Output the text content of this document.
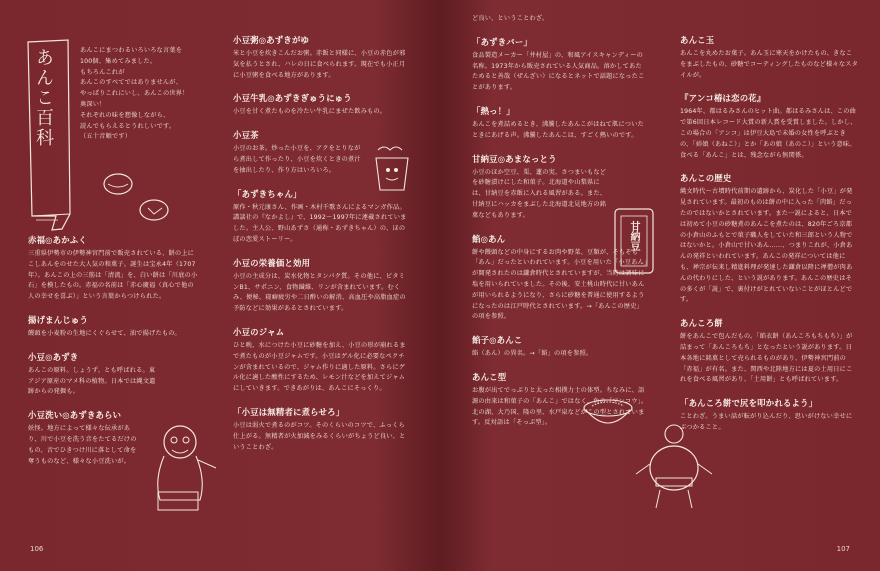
あんこ百科	あんこにまつわるいろいろな言葉を
100個、集めてみました。
もちろんこれが
あんこのすべてではありませんが、
やっぱりこれにいし、あんこの世界！
奥深い！
それぞれの味を想像しながら、
読んでもらえるとうれしいです。
（五十音順です）
赤福◎あかふく
三重県伊勢市の伊勢神宮門前で販売されている、餅の上にこしあんをのせた大人気の和菓子。誕生は宝永4年（1707年）。あんこの上の三筋は「清流」を、白い餅は「川底の小石」を模したもの。赤福の名前は「赤心慶福（真心で他の人の幸せを喜ぶ）」という言葉からつけられた。
揚げまんじゅう
饅頭を小麦粉の生地にくぐらせて、油で揚げたもの。
小豆◎あずき
あんこの原料。しょうず、とも呼ばれる。東アジア原産のマメ科の植物。日本では縄文遺跡からの発掘も。
小豆洗い◎あずきあらい
妖怪。地方によって様々な伝承があり、川で小豆を洗う音をたてるだけのもの、音でひきつけ川に落として命を奪うものなど、様々な小豆洗いが。
小豆粥◎あずきがゆ
米と小豆を炊きこんだお粥。赤飯と同様に、小豆の赤色が邪気を払うとされ、ハレの日に食べられます。現在でも小正月に小豆粥を食べる地方があります。
小豆牛乳◎あずきぎゅうにゅう
小豆を甘く煮たものを冷たい牛乳にまぜた飲みもの。
小豆茶
小豆のお茶。炒った小豆を、アクをとりながら煮出して作ったり、小豆を炊くときの煮汁を抽出したり、作り方はいろいろ。
「あずきちゃん」
原作・秋元康さん、作画・木村千歌さんによるマンガ作品。講談社の『なかよし』で、1992〜1997年に連載されていました。主人公、野山あずさ（通称・あずきちゃん）の、ほのぼの恋愛ストーリー。
小豆の栄養価と効用
小豆の主成分は、炭水化物とタンパク質。その他に、ビタミンB1、サポニン、食物繊維、リンが含まれています。むくみ、便秘、寝癖疲労や二日酔いの解消、高血圧や高脂血症の予防などに効果があるとされています。
小豆のジャム
ひと晩、水につけた小豆に砂糖を加え、小豆の形が崩れるまで煮たものが小豆ジャムです。小豆はゲル化に必要なペクチンが含まれているので、ジャム作りに適した原料。さらにゲル化に適した酸性にするため、レモン汁などを加えてジャムにしていきます。できあがりは、あんこにそっくり。
「小豆は無精者に煮らせろ」
小豆は弱火で煮るのがコツ。そのくらいのコツで、ふっくら仕上がる。無精者が火加減をみるくらいがちょうど良い、ということわざ。
106
ど良い、ということわざ。
「あずきバー」
食品製造メーカー「井村屋」の、和風アイスキャンディーの名称。1973年から販売されている人気商品。溶かしてあたためると善哉（ぜんざい）になるとネットで話題になったことがあります。
「熱っ！」
あんこを煮詰めるとき、沸騰したあんこがはねて肌についたときにあげる声。沸騰したあんこは、すごく熱いのです。
甘納豆◎あまなっとう
小豆のほか空豆、栗、蓮の実、さつまいもなどを砂糖漬けにした和菓子。北海道や山梨県には、甘納豆を赤飯に入れる風習がある。また、甘納豆にハッカをまぶした北海道北見地方の銘菓などもあります。
餡◎あん
餅や饅頭などの中身にするお肉や野菜、豆類が、そもそも「あん」だったといわれています。小豆を用いた「小豆あん」が開発されたのは鎌倉時代とされていますが、当時は調味に塩を用いられていました。その後、安土桃山時代に甘いあんが用いられるようになり、さらに砂糖を普通に使用するようになったのは江戸時代とされています。→「あんこの歴史」の項を参照。
餡子◎あんこ
餡（あん）の異名。→「餡」の項を参照。
あんこ型
お腹が出てでっぷりと太った相撲力士の体型。ちなみに、語源の由来は和菓子の「あんこ」ではなく、魚の「アンコウ」。北の湖、大乃国、隆の里、水戸泉などがこの型とされています。反対語は「そっぷ型」。
甘納豆
あんこ玉
あんこを丸めたお菓子。あん玉に寒天をかけたもの、きなこをまぶしたもの、砂糖でコーティングしたものなど様々なスタイルが。
『アンコ椿は恋の花』
1964年、都はるみさんのヒット曲。都はるみさんは、この曲で第6回日本レコード大賞の新人賞を受賞しました。しかし、この場合の「アンコ」は伊豆大島で未婚の女性を呼ぶときの、「姉娘（あねこ）」とか「あの娘（あのこ）」という意味。食べる「あんこ」とは、残念ながら無関係。
あんこの歴史
縄文時代〜古墳時代前期の遺跡から、炭化した「小豆」が発見されています。最初のものは餅の中に入った「肉餡」だったのではないかとされています。また一説によると、日本では初めて小豆の砂糖煮のあんこを煮たのは、820年ごろ京都の小倉山のふもとで菓子職人をしていた和三郎という人物ではないかと。小倉山で甘いあん……、つまりこれが、小倉あんの発祥といわれています。あんこの発祥については他にも、禅宗が伝来し精進料理が発達した鎌倉以降に禅僧が肉あんの代わりにした、という説があります。あんこの歴史はその多くが「説」で、裏付けがとれていないことがほとんどです。
あんころ餅
餅をあんこで包んだもの。「餡衣餅（あんころもちもち）」が詰まって「あんころもち」となったという説があります。日本各地に銘菓として売られるものがあり、伊勢神宮門前の「赤福」が有名。また、関西や北陸地方には夏の土用日にこれを食べる風習があり、「土用餅」とも呼ばれています。
「あんころ餅で尻を叩かれるよう」
ことわざ。うまい話が転がり込んだり、思いがけない幸せにぶつかること。
107
